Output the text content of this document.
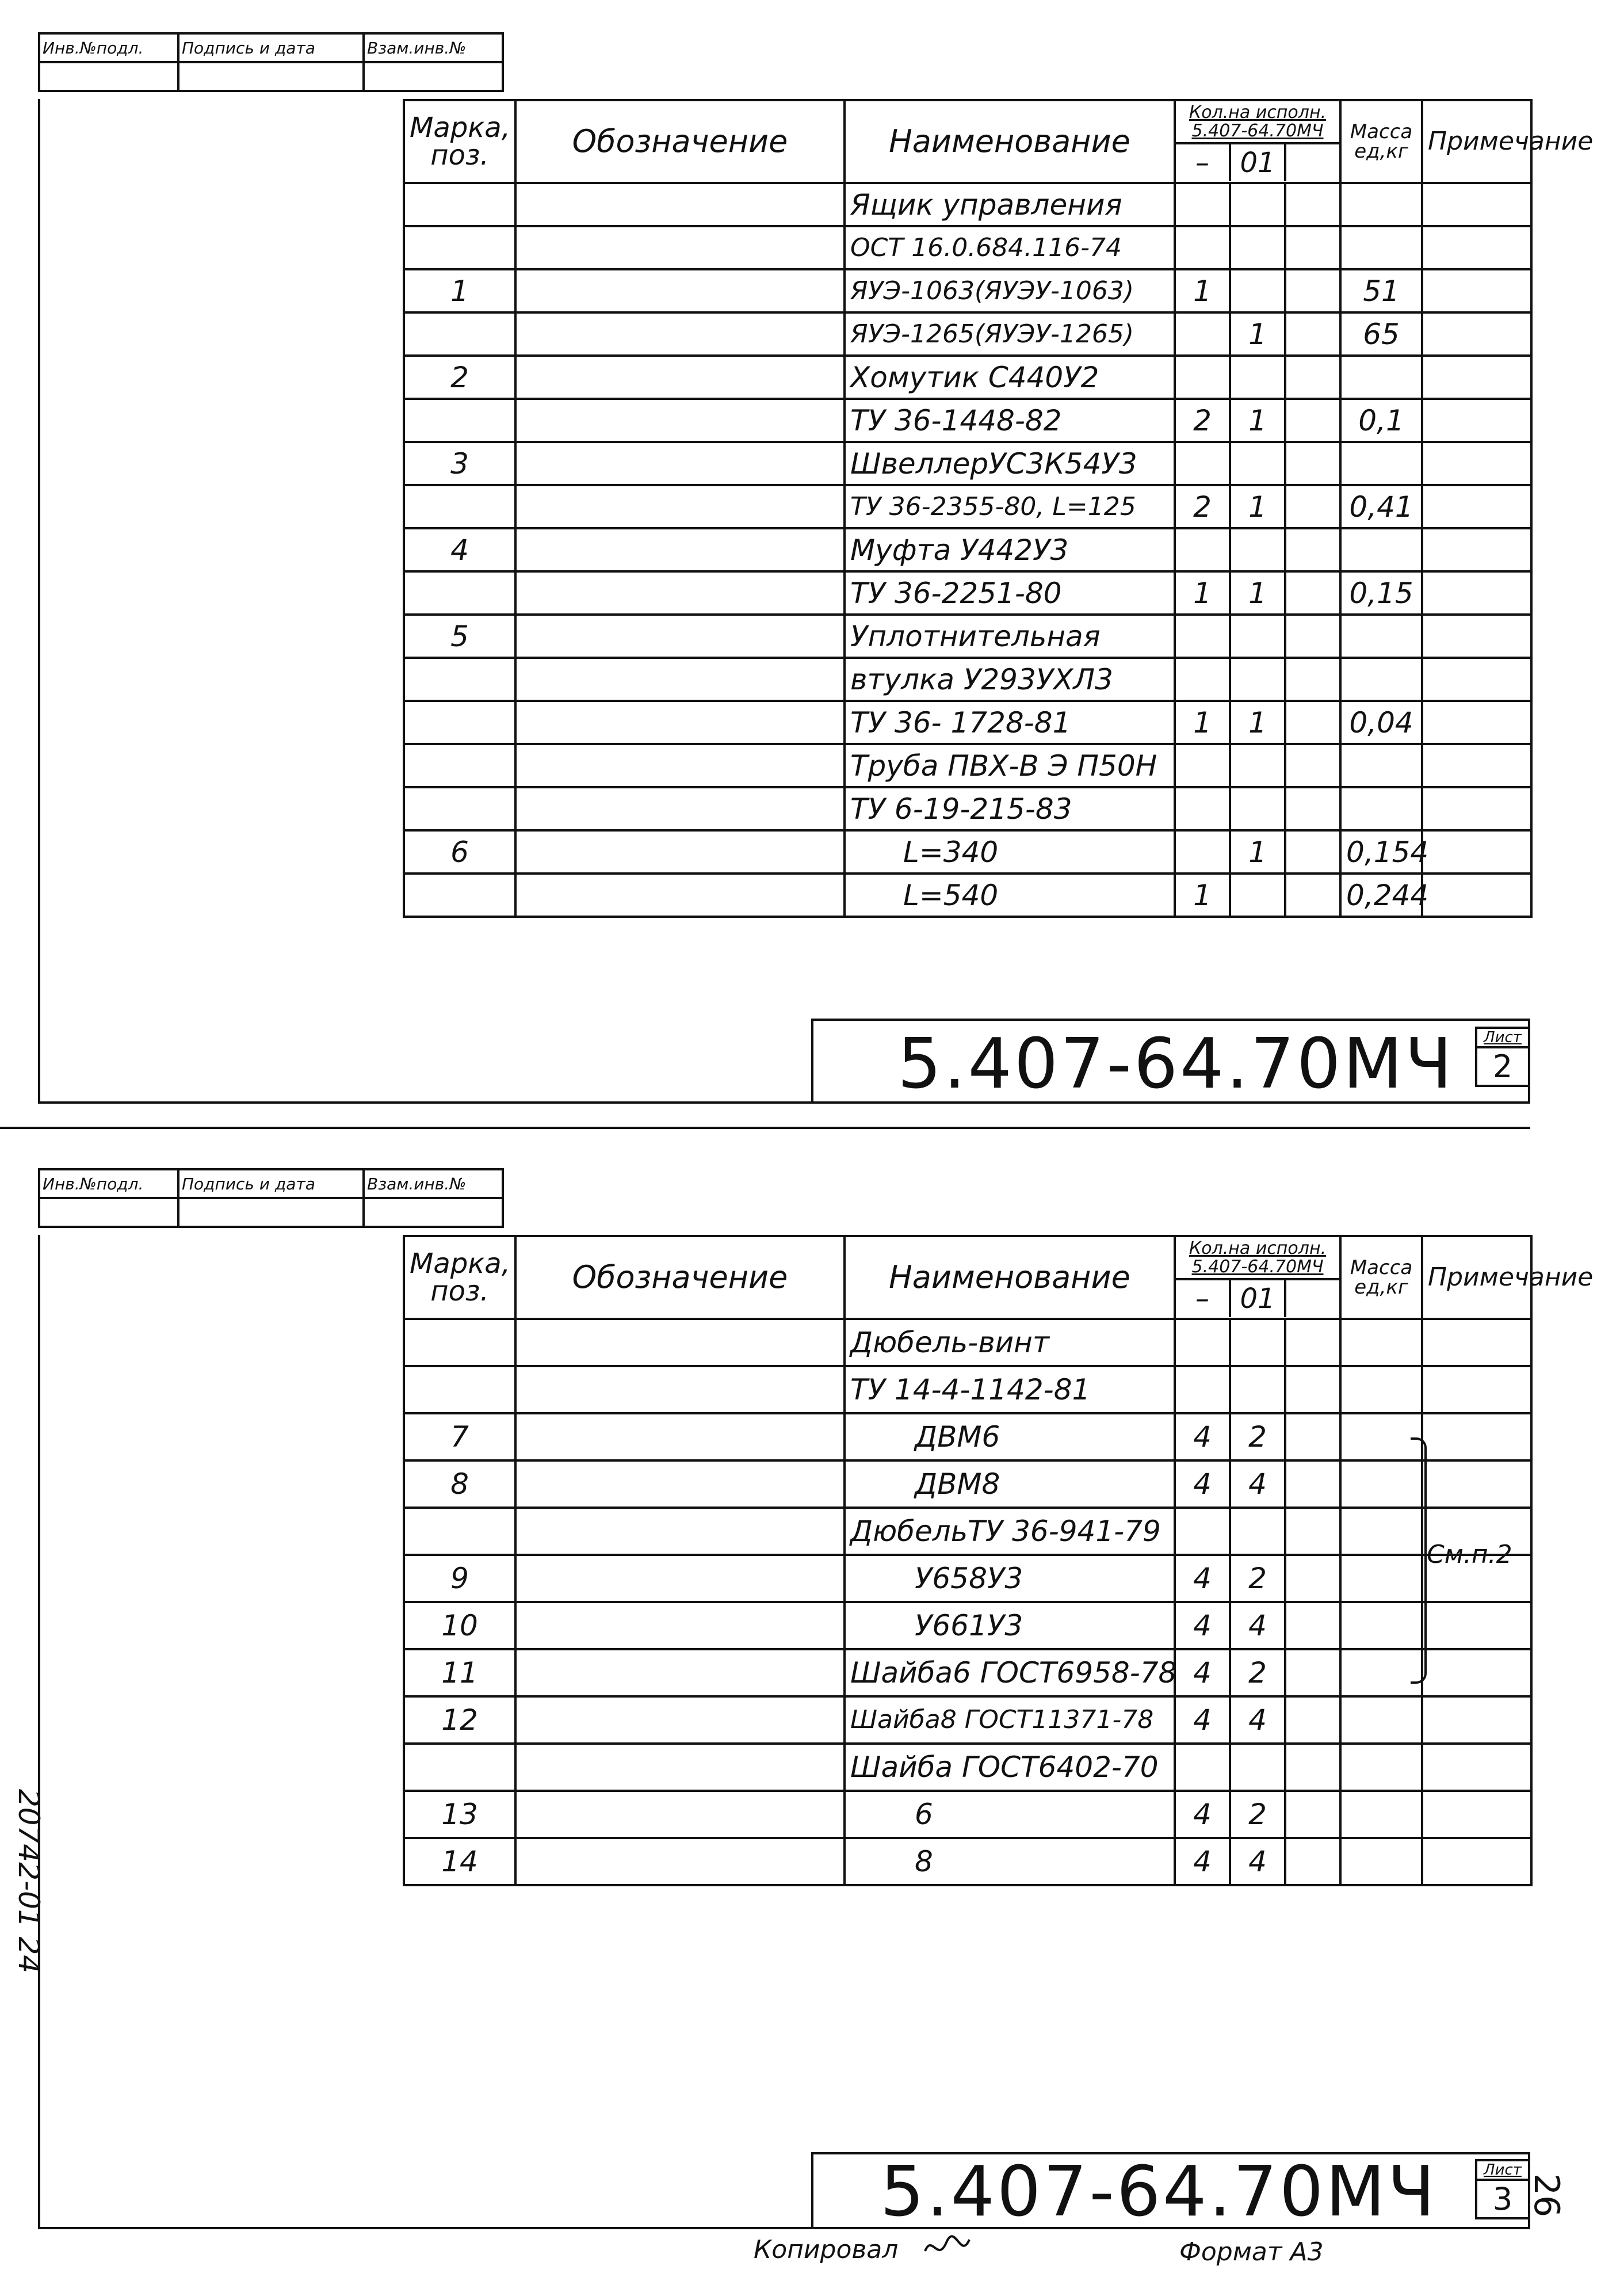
Инв.№подл.	Подпись и дата	Взам.инв.№

Марка, поз.	Обозначение	Наименование	Кол.на исполн. 5.407-64.70МЧ
– 01			Масса ед,кг	Примечание
		Ящик управления					
		ОСТ 16.0.684.116-74					
1		ЯУЭ-1063(ЯУЭУ-1063)	1			51	
		ЯУЭ-1265(ЯУЭУ-1265)		1		65	
2		Хомутик С440У2					
		ТУ 36-1448-82	2	1		0,1	
3		ШвеллерУС3К54У3					
		ТУ 36-2355-80, L=125	2	1		0,41	
4		Муфта У442У3					
		ТУ 36-2251-80	1	1		0,15	
5		Уплотнительная					
		втулка У293УХЛ3					
		ТУ 36- 1728-81	1	1		0,04	
		Труба ПВХ-В Э П50Н					
		ТУ 6-19-215-83					
6		L=340		1		0,154	
		L=540	1			0,244	
5.407-64.70МЧ	Лист
2
Инв.№подл.	Подпись и дата	Взам.инв.№

Марка, поз.	Обозначение	Наименование	Кол.на исполн. 5.407-64.70МЧ
– 01			Масса ед,кг	Примечание
		Дюбель-винт					
		ТУ 14-4-1142-81					
7		ДВМ6	4	2			
8		ДВМ8	4	4			
		ДюбельТУ 36-941-79					
9		У658У3	4	2			
10		У661У3	4	4			
11		Шайба6 ГОСТ6958-78	4	2			
12		Шайба8 ГОСТ11371-78	4	4			
		Шайба ГОСТ6402-70					
13		6	4	2			
14		8	4	4			
См.п.2
5.407-64.70МЧ	Лист
3
20742-01 24
26
Копировал	Формат А3
